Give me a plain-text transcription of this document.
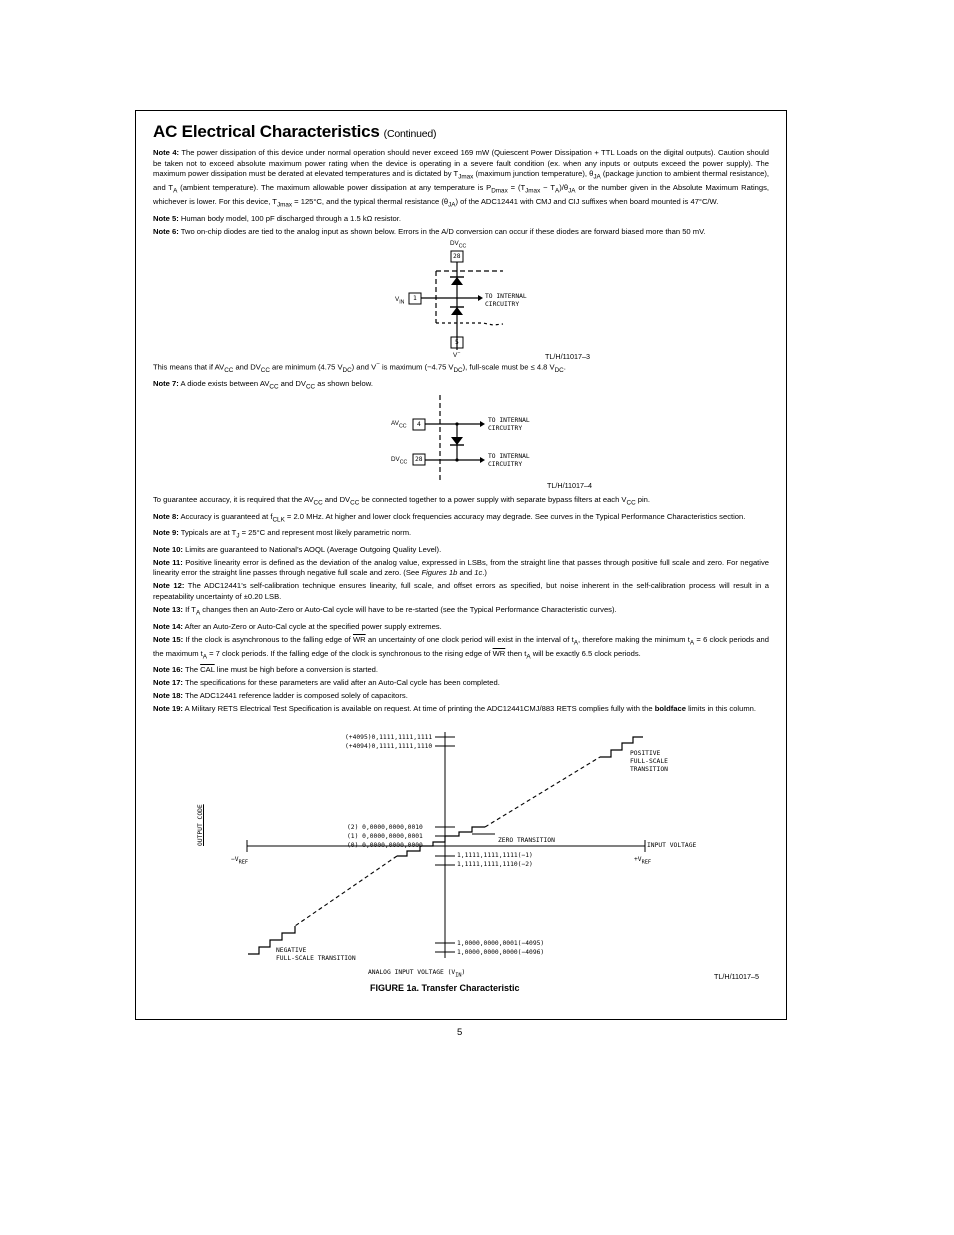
AC Electrical Characteristics (Continued)

Note 4: The power dissipation of this device under normal operation should never exceed 169 mW (Quiescent Power Dissipation + TTL Loads on the digital outputs). Caution should be taken not to exceed absolute maximum power rating when the device is operating in a severe fault condition (ex. when any inputs or outputs exceed the power supply). The maximum power dissipation must be derated at elevated temperatures and is dictated by $T_{Jmax}$ (maximum junction temperature), $\theta_{JA}$ (package junction to ambient thermal resistance), and $T_A$ (ambient temperature). The maximum allowable power dissipation at any temperature is $P_{Dmax} = (T_{Jmax} - T_A)/\theta_{JA}$ or the number given in the Absolute Maximum Ratings, whichever is lower. For this device, $T_{Jmax} = 125^\circ C$, and the typical thermal resistance $(\theta_{JA})$ of the ADC12441 with CMJ and CIJ suffixes when board mounted is 47°C/W.

Note 5: Human body model, 100 pF discharged through a 1.5 kΩ resistor.

Note 6: Two on-chip diodes are tied to the analog input as shown below. Errors in the A/D conversion can occur if these diodes are forward biased more than 50 mV.

$DV_{CC}$
28
$V_{IN}$
1	TO INTERNAL
CIRCUITRY
5
V−	TL/H/11017–3

This means that if $AV_{CC}$ and $DV_{CC}$ are minimum (4.75 $V_{DC}$) and V− is maximum (−4.75 $V_{DC}$), full-scale must be ≤ 4.8 $V_{DC}$.

Note 7: A diode exists between $AV_{CC}$ and $DV_{CC}$ as shown below.

$AV_{CC}$ 4
$DV_{CC}$ 28
TO INTERNAL
CIRCUITRY
TO INTERNAL
CIRCUITRY
TL/H/11017–4

To guarantee accuracy, it is required that the $AV_{CC}$ and $DV_{CC}$ be connected together to a power supply with separate bypass filters at each $V_{CC}$ pin.

Note 8: Accuracy is guaranteed at $f_{CLK} = 2.0$ MHz. At higher and lower clock frequencies accuracy may degrade. See curves in the Typical Performance Characteristics section.

Note 9: Typicals are at $T_J = 25^\circ C$ and represent most likely parametric norm.

Note 10: Limits are guaranteed to National’s AOQL (Average Outgoing Quality Level).

Note 11: Positive linearity error is defined as the deviation of the analog value, expressed in LSBs, from the straight line that passes through positive full scale and zero. For negative linearity error the straight line passes through negative full scale and zero. (See Figures 1b and 1c.)

Note 12: The ADC12441’s self-calibration technique ensures linearity, full scale, and offset errors as specified, but noise inherent in the self-calibration process will result in a repeatability uncertainty of ±0.20 LSB.

Note 13: If $T_A$ changes then an Auto-Zero or Auto-Cal cycle will have to be re-started (see the Typical Performance Characteristic curves).

Note 14: After an Auto-Zero or Auto-Cal cycle at the specified power supply extremes.

Note 15: If the clock is asynchronous to the falling edge of $\overline{WR}$ an uncertainty of one clock period will exist in the interval of $t_A$, therefore making the minimum $t_A = 6$ clock periods and the maximum $t_A = 7$ clock periods. If the falling edge of the clock is synchronous to the rising edge of $\overline{WR}$ then $t_A$ will be exactly 6.5 clock periods.

Note 16: The $\overline{CAL}$ line must be high before a conversion is started.

Note 17: The specifications for these parameters are valid after an Auto-Cal cycle has been completed.

Note 18: The ADC12441 reference ladder is composed solely of capacitors.

Note 19: A Military RETS Electrical Test Specification is available on request. At time of printing the ADC12441CMJ/883 RETS complies fully with the boldface limits in this column.

(+4095)0,1111,1111,1111
(+4094)0,1111,1111,1110
(2) 0,0000,0000,0010
(1) 0,0000,0000,0001
(0) 0,0000,0000,0000
1,1111,1111,1111(−1)
1,1111,1111,1110(−2)
1,0000,0000,0001(−4095)
1,0000,0000,0000(−4096)
ZERO TRANSITION
POSITIVE
FULL-SCALE
TRANSITION
NEGATIVE
FULL-SCALE TRANSITION
OUTPUT CODE
$-V_{REF}$	$+V_{REF}$
INPUT VOLTAGE
ANALOG INPUT VOLTAGE $(V_{IN})$	TL/H/11017–5
FIGURE 1a. Transfer Characteristic
5
